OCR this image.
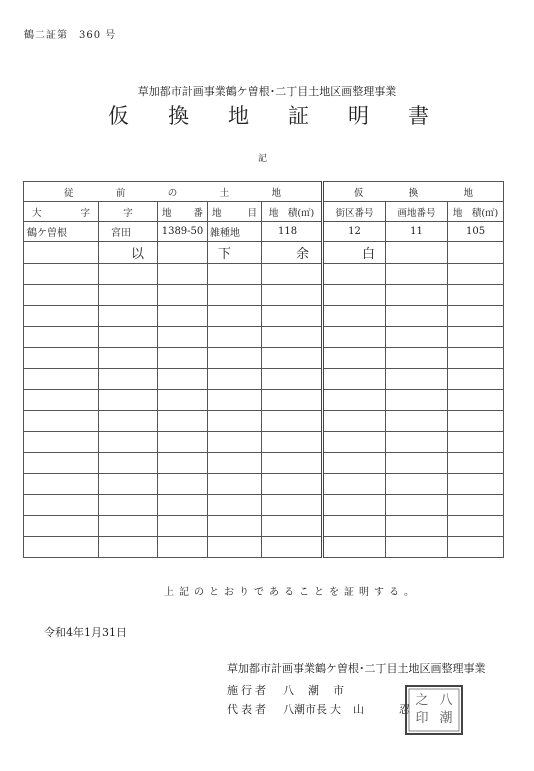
鶴二証第　360 号
草加都市計画事業鶴ケ曽根･二丁目土地区画整理事業
仮 換 地 証 明 書
記
従 前 の 土 地					仮 換 地		

大 字	字	地 番	地 目	地　積(㎡)	街区番号	画地番号	地　積(㎡)
鶴ケ曽根	宮田	1389-50	雑種地	118	12	11	105
	以		下	余	白		

上記のとおりであることを証明する。
令和4年1月31日
草加都市計画事業鶴ケ曽根･二丁目土地区画整理事業
施行者 八潮市
代表者 八潮市長 大山　忍
八
潮
之
印
